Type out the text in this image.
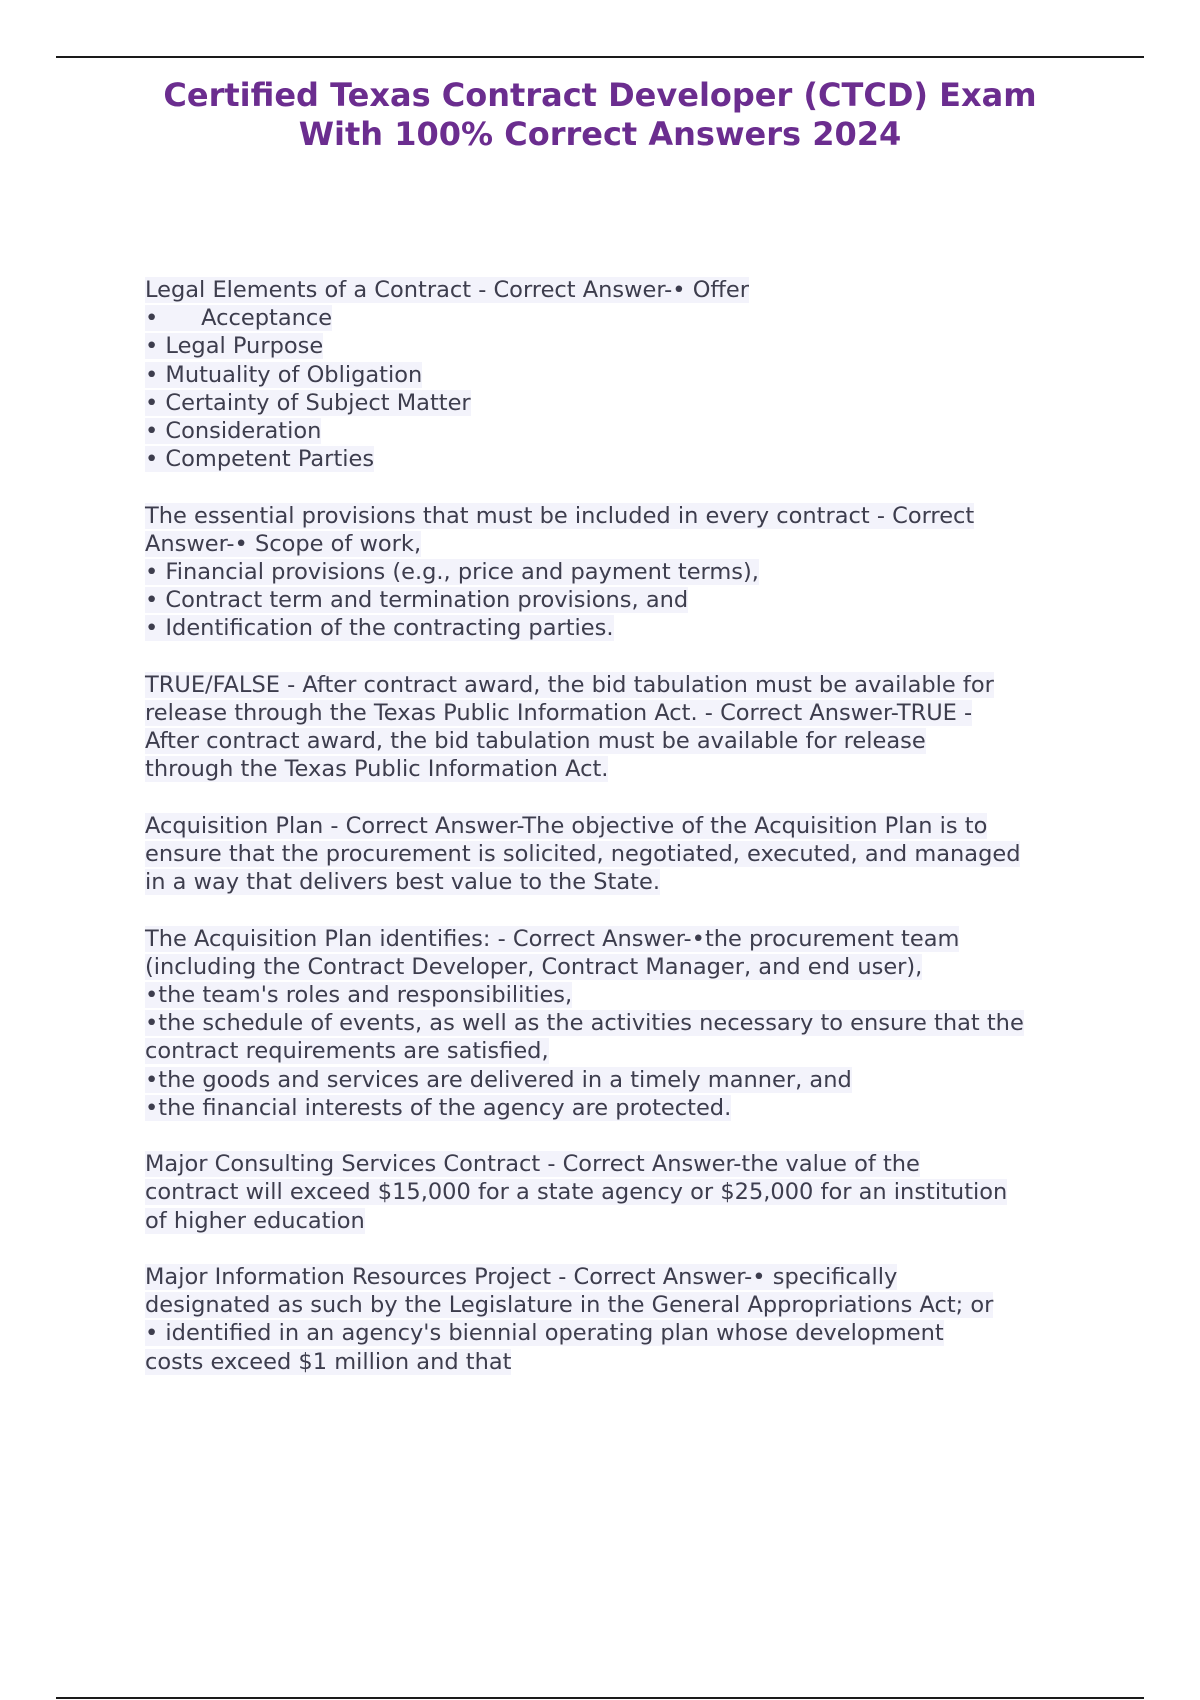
Certified Texas Contract Developer (CTCD) Exam
With 100% Correct Answers 2024
Legal Elements of a Contract - Correct Answer-• Offer
•      Acceptance
• Legal Purpose
• Mutuality of Obligation
• Certainty of Subject Matter
• Consideration
• Competent Parties
The essential provisions that must be included in every contract - Correct
Answer-• Scope of work,
• Financial provisions (e.g., price and payment terms),
• Contract term and termination provisions, and
• Identification of the contracting parties.
TRUE/FALSE - After contract award, the bid tabulation must be available for
release through the Texas Public Information Act. - Correct Answer-TRUE -
After contract award, the bid tabulation must be available for release
through the Texas Public Information Act.
Acquisition Plan - Correct Answer-The objective of the Acquisition Plan is to
ensure that the procurement is solicited, negotiated, executed, and managed
in a way that delivers best value to the State.
The Acquisition Plan identifies: - Correct Answer-•the procurement team
(including the Contract Developer, Contract Manager, and end user),
•the team's roles and responsibilities,
•the schedule of events, as well as the activities necessary to ensure that the
contract requirements are satisfied,
•the goods and services are delivered in a timely manner, and
•the financial interests of the agency are protected.
Major Consulting Services Contract - Correct Answer-the value of the
contract will exceed $15,000 for a state agency or $25,000 for an institution
of higher education
Major Information Resources Project - Correct Answer-• specifically
designated as such by the Legislature in the General Appropriations Act; or
• identified in an agency's biennial operating plan whose development
costs exceed $1 million and that
